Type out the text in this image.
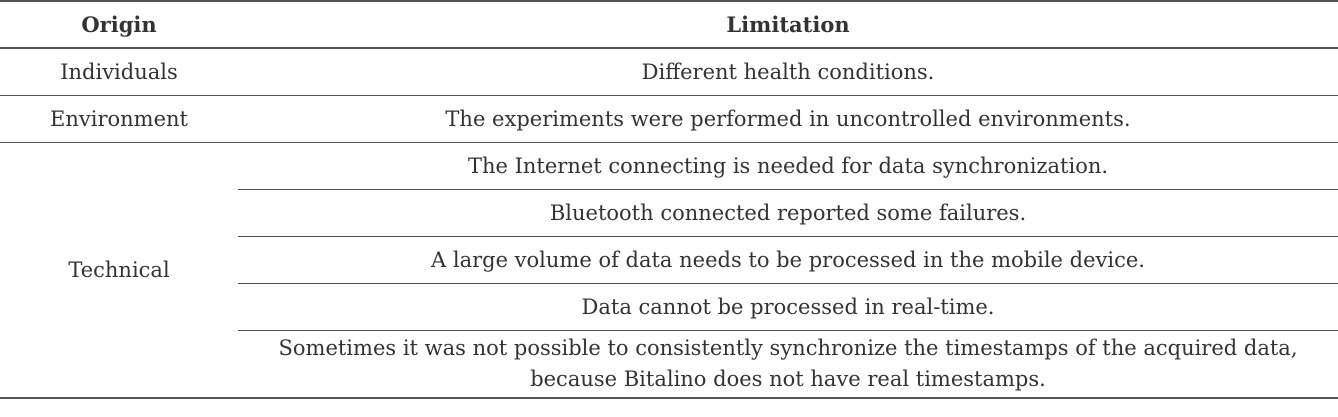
Origin	Limitation
Individuals	Different health conditions.
Environment	The experiments were performed in uncontrolled environments.
Technical	The Internet connecting is needed for data synchronization.
	Bluetooth connected reported some failures.
	A large volume of data needs to be processed in the mobile device.
	Data cannot be processed in real-time.
	Sometimes it was not possible to consistently synchronize the timestamps of the acquired data, because Bitalino does not have real timestamps.
